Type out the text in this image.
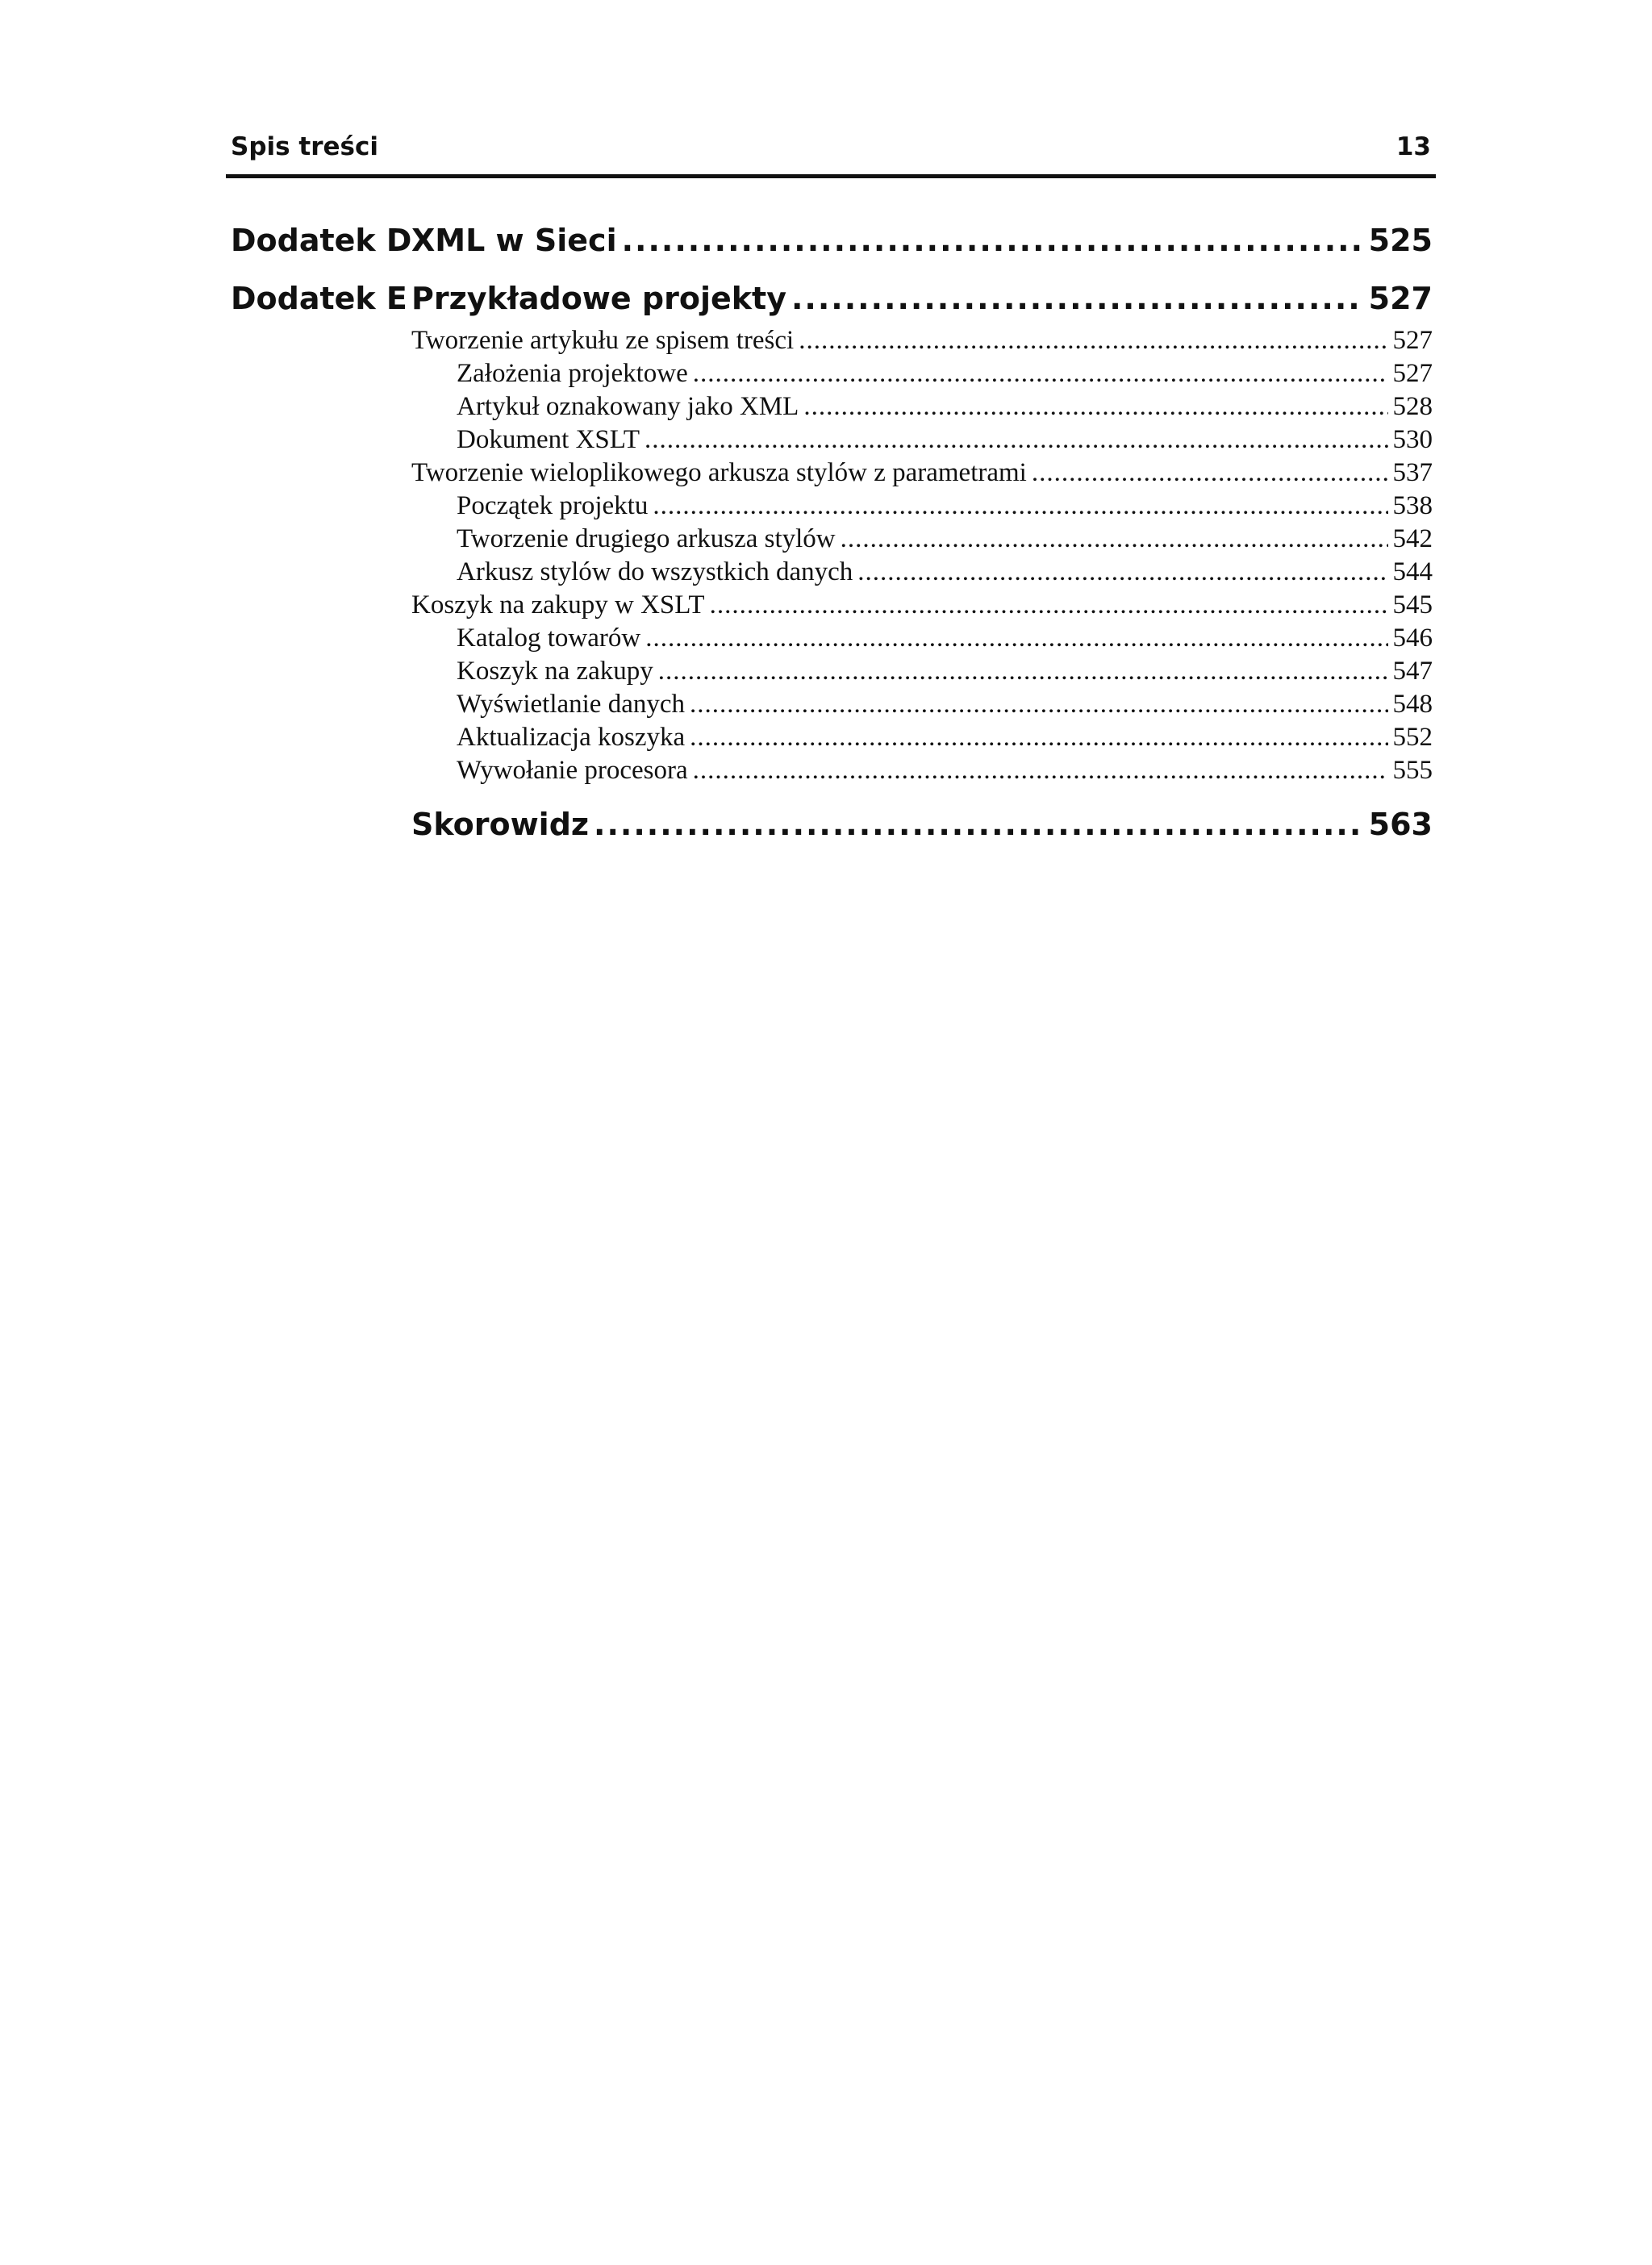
Spis treści	13
Dodatek D XML w Sieci .....	525
Dodatek E Przykładowe projekty .....	527
Tworzenie artykułu ze spisem treści .....	527
Założenia projektowe .....	527
Artykuł oznakowany jako XML .....	528
Dokument XSLT .....	530
Tworzenie wieloplikowego arkusza stylów z parametrami .....	537
Początek projektu .....	538
Tworzenie drugiego arkusza stylów .....	542
Arkusz stylów do wszystkich danych .....	544
Koszyk na zakupy w XSLT .....	545
Katalog towarów .....	546
Koszyk na zakupy .....	547
Wyświetlanie danych .....	548
Aktualizacja koszyka .....	552
Wywołanie procesora .....	555
Skorowidz .....	563
